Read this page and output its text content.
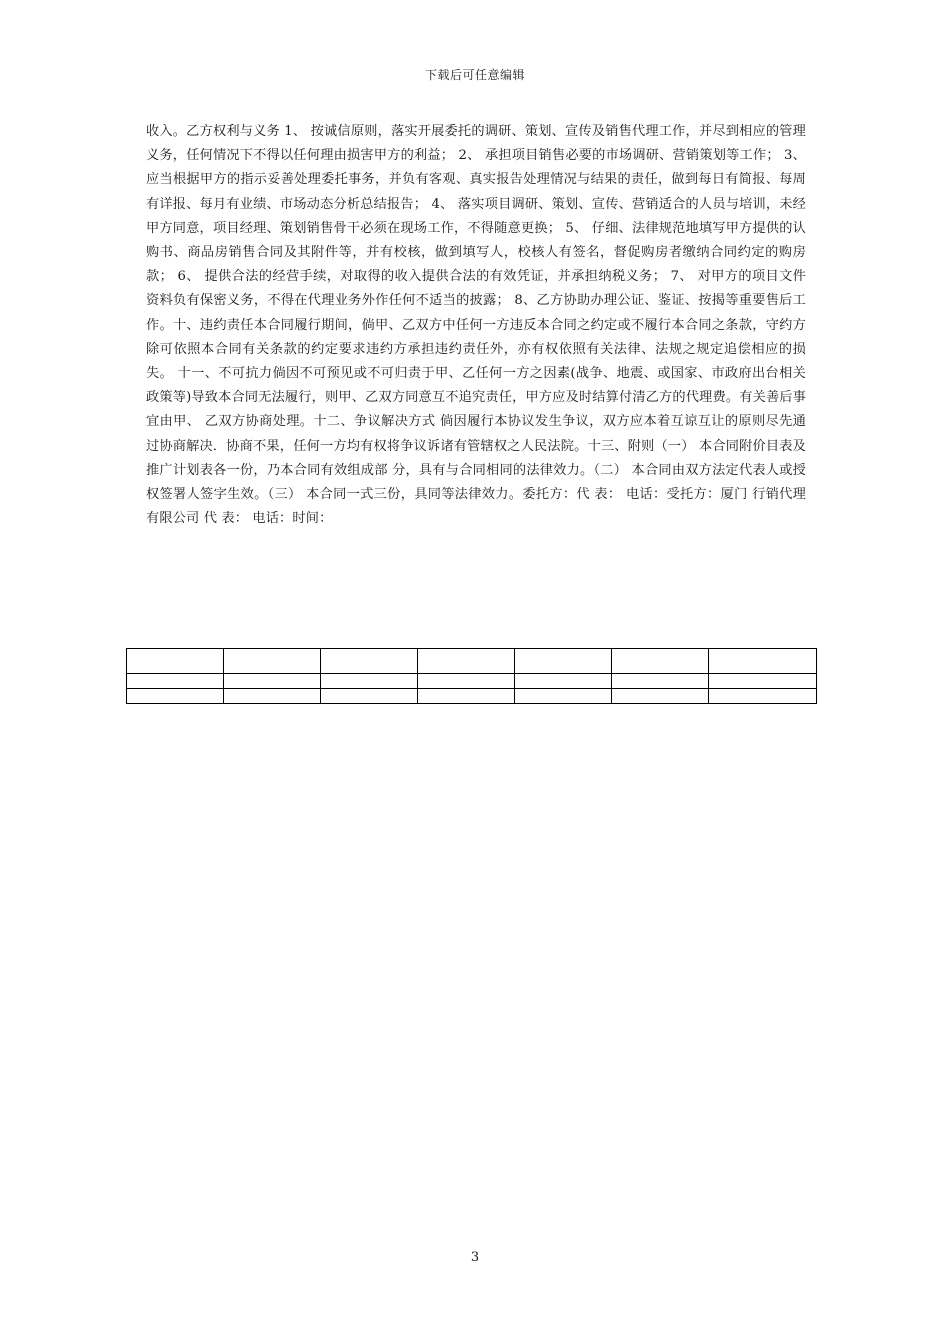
下载后可任意编辑

收入。乙方权利与义务 1、 按诚信原则，落实开展委托的调研、策划、宣传及销售代理工作，并尽到相应的管理义务，任何情况下不得以任何理由损害甲方的利益； 2、 承担项目销售必要的市场调研、营销策划等工作； 3、 应当根据甲方的指示妥善处理委托事务，并负有客观、真实报告处理情况与结果的责任，做到每日有简报、每周有详报、每月有业绩、市场动态分析总结报告； 4、 落实项目调研、策划、宣传、营销适合的人员与培训，未经甲方同意，项目经理、策划销售骨干必须在现场工作，不得随意更换； 5、 仔细、法律规范地填写甲方提供的认购书、商品房销售合同及其附件等，并有校核，做到填写人，校核人有签名，督促购房者缴纳合同约定的购房款； 6、 提供合法的经营手续，对取得的收入提供合法的有效凭证，并承担纳税义务； 7、 对甲方的项目文件资料负有保密义务，不得在代理业务外作任何不适当的披露； 8、乙方协助办理公证、鉴证、按揭等重要售后工作。十、违约责任本合同履行期间，倘甲、乙双方中任何一方违反本合同之约定或不履行本合同之条款，守约方除可依照本合同有关条款的约定要求违约方承担违约责任外，亦有权依照有关法律、法规之规定追偿相应的损失。 十一、不可抗力倘因不可预见或不可归责于甲、乙任何一方之因素(战争、地震、或国家、市政府出台相关政策等)导致本合同无法履行，则甲、乙双方同意互不追究责任，甲方应及时结算付清乙方的代理费。有关善后事宜由甲、 乙双方协商处理。十二、争议解决方式 倘因履行本协议发生争议，双方应本着互谅互让的原则尽先通过协商解决．协商不果，任何一方均有权将争议诉诸有管辖权之人民法院。十三、附则（一） 本合同附价目表及推广计划表各一份，乃本合同有效组成部 分，具有与合同相同的法律效力。（二） 本合同由双方法定代表人或授权签署人签字生效。（三） 本合同一式三份，具同等法律效力。委托方：代 表： 电话：受托方：厦门 行销代理有限公司 代 表： 电话：时间：

3
